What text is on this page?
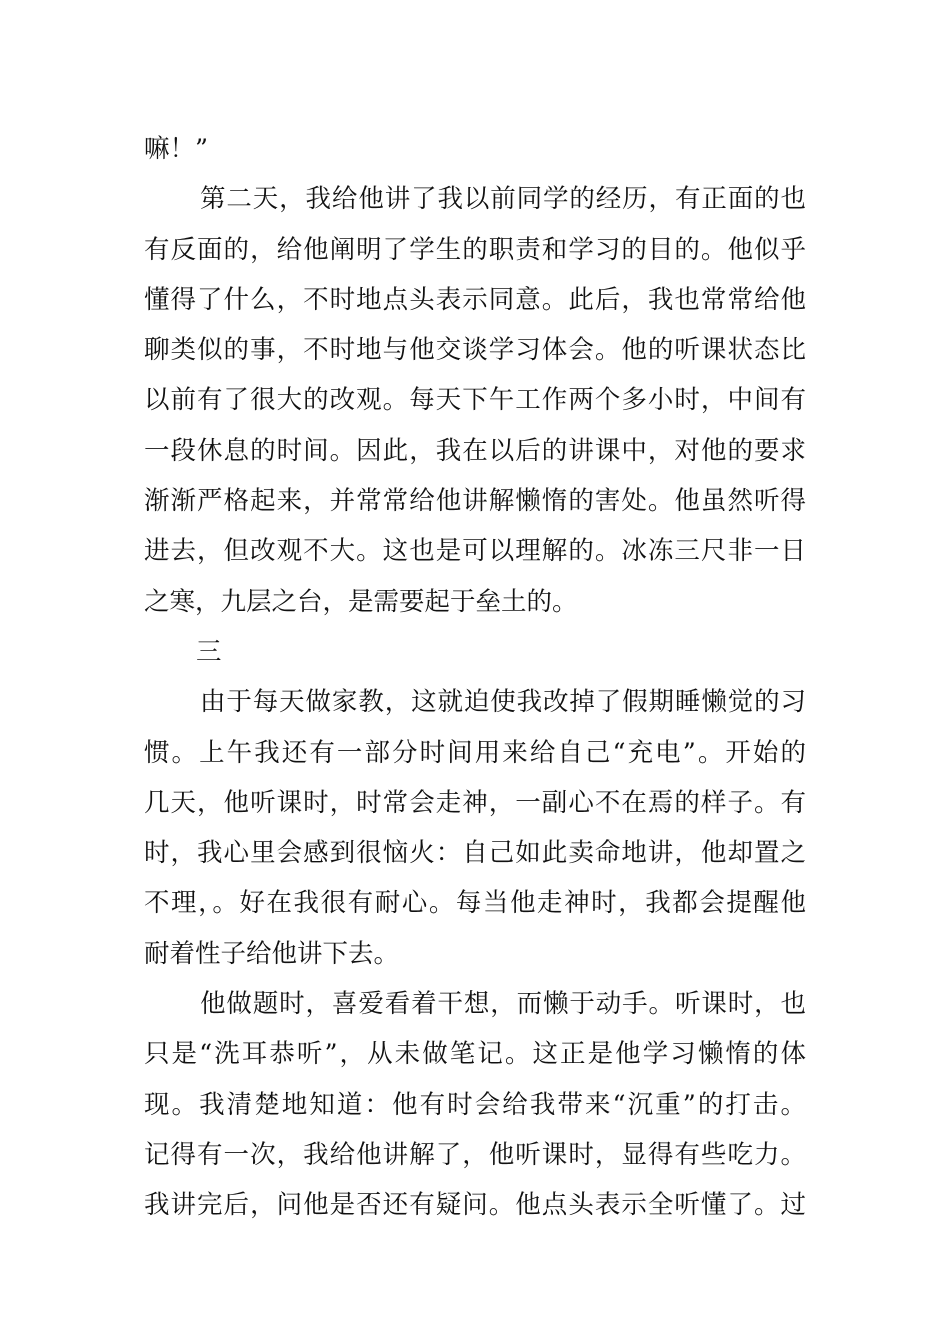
嘛！”
第二天，我给他讲了我以前同学的经历，有正面的也
有反面的，给他阐明了学生的职责和学习的目的。他似乎
懂得了什么，不时地点头表示同意。此后，我也常常给他
聊类似的事，不时地与他交谈学习体会。他的听课状态比
以前有了很大的改观。每天下午工作两个多小时，中间有
一段休息的时间。因此，我在以后的讲课中，对他的要求
渐渐严格起来，并常常给他讲解懒惰的害处。他虽然听得
进去，但改观不大。这也是可以理解的。冰冻三尺非一日
之寒，九层之台，是需要起于垒土的。
三
由于每天做家教，这就迫使我改掉了假期睡懒觉的习
惯。上午我还有一部分时间用来给自己“充电”。开始的
几天，他听课时，时常会走神，一副心不在焉的样子。有
时，我心里会感到很恼火：自己如此卖命地讲，他却置之
不理，。好在我很有耐心。每当他走神时，我都会提醒他
耐着性子给他讲下去。
他做题时，喜爱看着干想，而懒于动手。听课时，也
只是“洗耳恭听”，从未做笔记。这正是他学习懒惰的体
现。我清楚地知道：他有时会给我带来“沉重”的打击。
记得有一次，我给他讲解了，他听课时，显得有些吃力。
我讲完后，问他是否还有疑问。他点头表示全听懂了。过
